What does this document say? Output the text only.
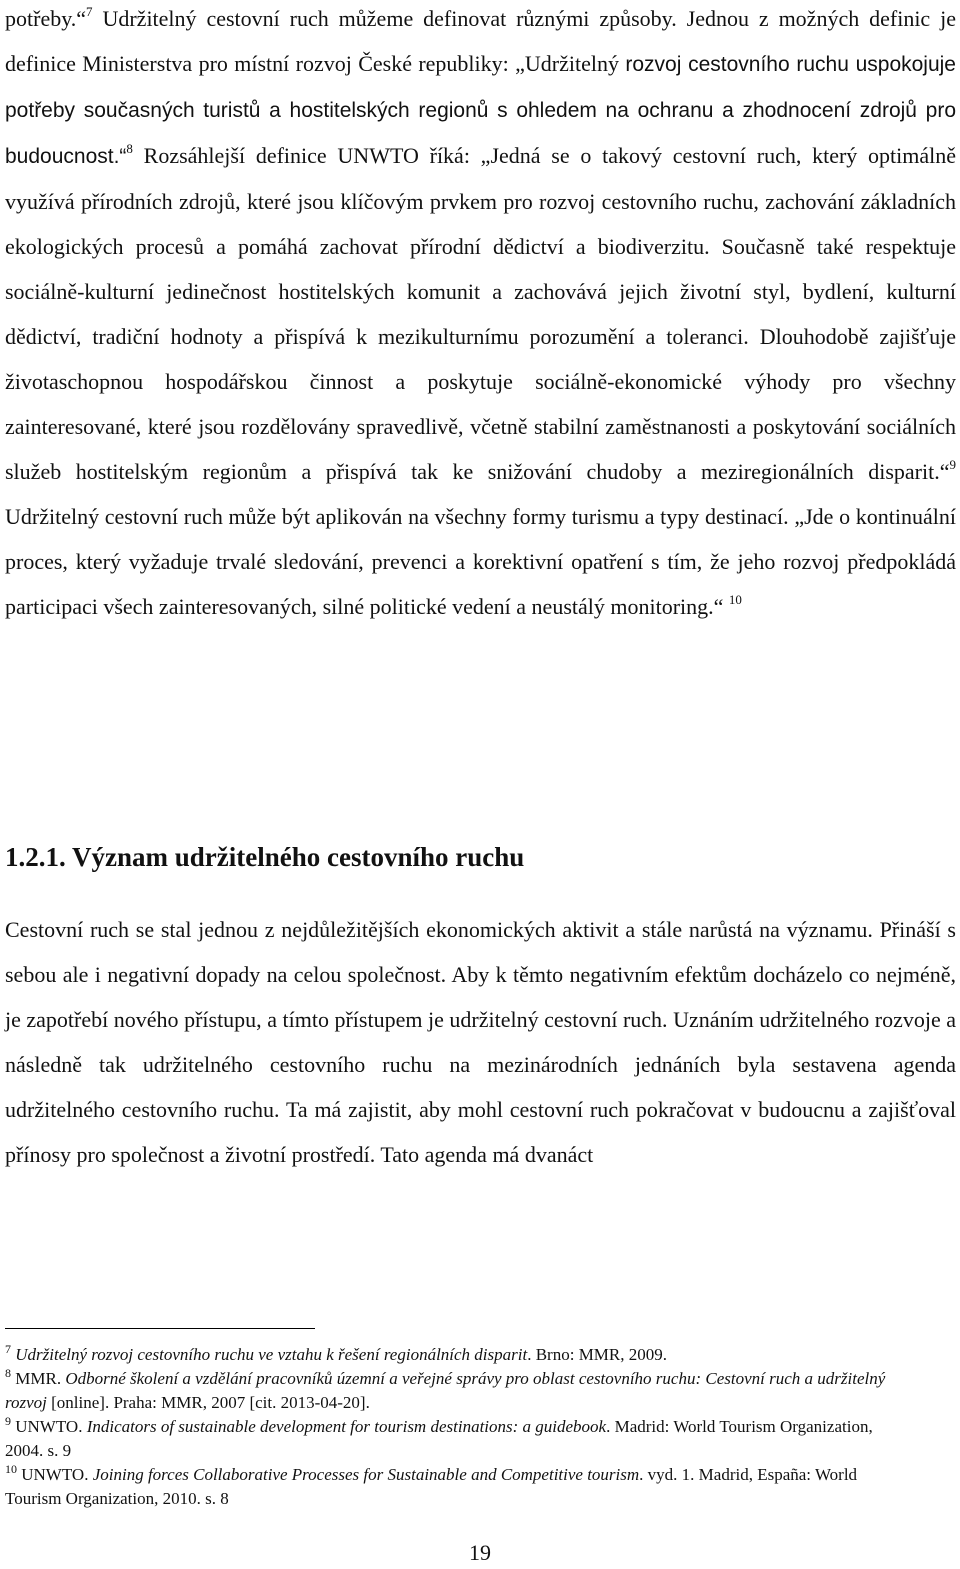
potřeby.“$^7$ Udržitelný cestovní ruch můžeme definovat různými způsoby. Jednou z možných definic je definice Ministerstva pro místní rozvoj České republiky: „Udržitelný rozvoj cestovního ruchu uspokojuje potřeby současných turistů a hostitelských regionů s ohledem na ochranu a zhodnocení zdrojů pro budoucnost.“$^8$ Rozsáhlejší definice UNWTO říká: „Jedná se o takový cestovní ruch, který optimálně využívá přírodních zdrojů, které jsou klíčovým prvkem pro rozvoj cestovního ruchu, zachování základních ekologických procesů a pomáhá zachovat přírodní dědictví a biodiverzitu. Současně také respektuje sociálně-kulturní jedinečnost hostitelských komunit a zachovává jejich životní styl, bydlení, kulturní dědictví, tradiční hodnoty a přispívá k mezikulturnímu porozumění a toleranci. Dlouhodobě zajišťuje životaschopnou hospodářskou činnost a poskytuje sociálně-ekonomické výhody pro všechny zainteresované, které jsou rozdělovány spravedlivě, včetně stabilní zaměstnanosti a poskytování sociálních služeb hostitelským regionům a přispívá tak ke snižování chudoby a meziregionálních disparit.“$^9$ Udržitelný cestovní ruch může být aplikován na všechny formy turismu a typy destinací. „Jde o kontinuální proces, který vyžaduje trvalé sledování, prevenci a korektivní opatření s tím, že jeho rozvoj předpokládá participaci všech zainteresovaných, silné politické vedení a neustálý monitoring.“ $^{10}$

1.2.1. Význam udržitelného cestovního ruchu

Cestovní ruch se stal jednou z nejdůležitějších ekonomických aktivit a stále narůstá na významu. Přináší s sebou ale i negativní dopady na celou společnost. Aby k těmto negativním efektům docházelo co nejméně, je zapotřebí nového přístupu, a tímto přístupem je udržitelný cestovní ruch. Uznáním udržitelného rozvoje a následně tak udržitelného cestovního ruchu na mezinárodních jednáních byla sestavena agenda udržitelného cestovního ruchu. Ta má zajistit, aby mohl cestovní ruch pokračovat v budoucnu a zajišťoval přínosy pro společnost a životní prostředí. Tato agenda má dvanáct

$^7$ Udržitelný rozvoj cestovního ruchu ve vztahu k řešení regionálních disparit. Brno: MMR, 2009.

$^8$ MMR. Odborné školení a vzdělání pracovníků územní a veřejné správy pro oblast cestovního ruchu: Cestovní ruch a udržitelný rozvoj [online]. Praha: MMR, 2007 [cit. 2013-04-20].

$^9$ UNWTO. Indicators of sustainable development for tourism destinations: a guidebook. Madrid: World Tourism Organization, 2004. s. 9

$^{10}$ UNWTO. Joining forces Collaborative Processes for Sustainable and Competitive tourism. vyd. 1. Madrid, España: World Tourism Organization, 2010. s. 8

19
